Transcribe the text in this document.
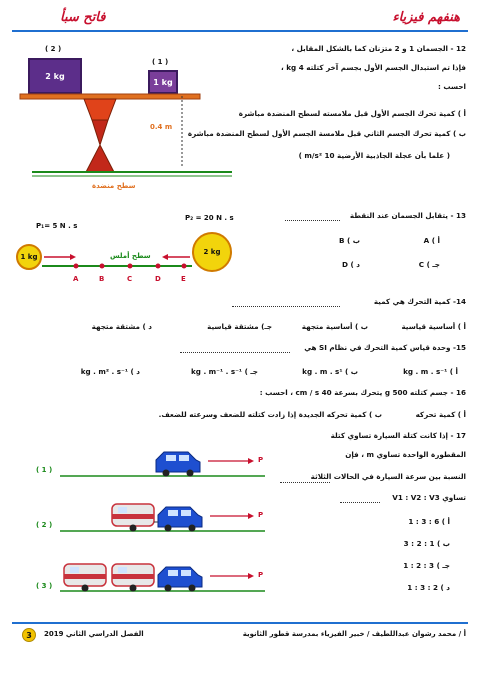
هنفهم فيزياء
فاتح سبأ
( 2 )
( 1 )
2 kg
1 kg
0.4 m
سطح منضدة
12 - الجسمان 1 و 2 متزنان كما بالشكل المقابل ،
فإذا تم استبدال الجسم الأول بجسم آخر كتلته 4 kg ،
احسب :
أ ) كمية تحرك الجسم الأول قبل ملامسته لسطح المنضدة مباشرة
ب ) كمية تحرك الجسم الثاني قبل ملامسة الجسم الأول لسطح المنضدة مباشرة
( علما بأن عجلة الجاذبية الأرضية 10 m/s² )
13 - يتقابل الجسمان عند النقطة
P₁= 5 N . s
P₂ = 20 N . s
1 kg
2 kg
سطح أملس
A	B	C	D	E
أ ) A
ب ) B
جـ ) C
د ) D
14- كمية التحرك هي كمية
أ ) أساسية قياسية
ب ) أساسية متجهة
جـ) مشتقة قياسية
د ) مشتقة متجهة
15- وحدة قياس كمية التحرك في نظام SI هي
أ ) kg . m . s⁻¹
ب ) kg . m . s¹
جـ ) kg . m⁻¹ . s⁻¹
د ) kg . m² . s⁻¹
16 - جسم كتلته 500 g يتحرك بسرعة 40 cm / s ، احسب :
أ ) كمية تحركه
ب ) كمية تحركه الجديدة إذا زادت كتلته للضعف وسرعته للضعف.
17 - إذا كانت كتلة السيارة تساوي كتلة
المقطورة الواحدة تساوي m ، فإن
النسبة بين سرعة السيارة في الحالات الثلاثة
V1 : V2 : V3 تساوي
أ ) 6 : 3 : 1
ب ) 1 : 2 : 3
جـ ) 3 : 2 : 1
د ) 2 : 3 : 1
( 1 )
( 2 )
( 3 )
P
P
P
3	الفصل الدراسي الثاني 2019	أ / محمد رشوان عبداللطيف / خبير الفيزياء بمدرسة قطور الثانوية
